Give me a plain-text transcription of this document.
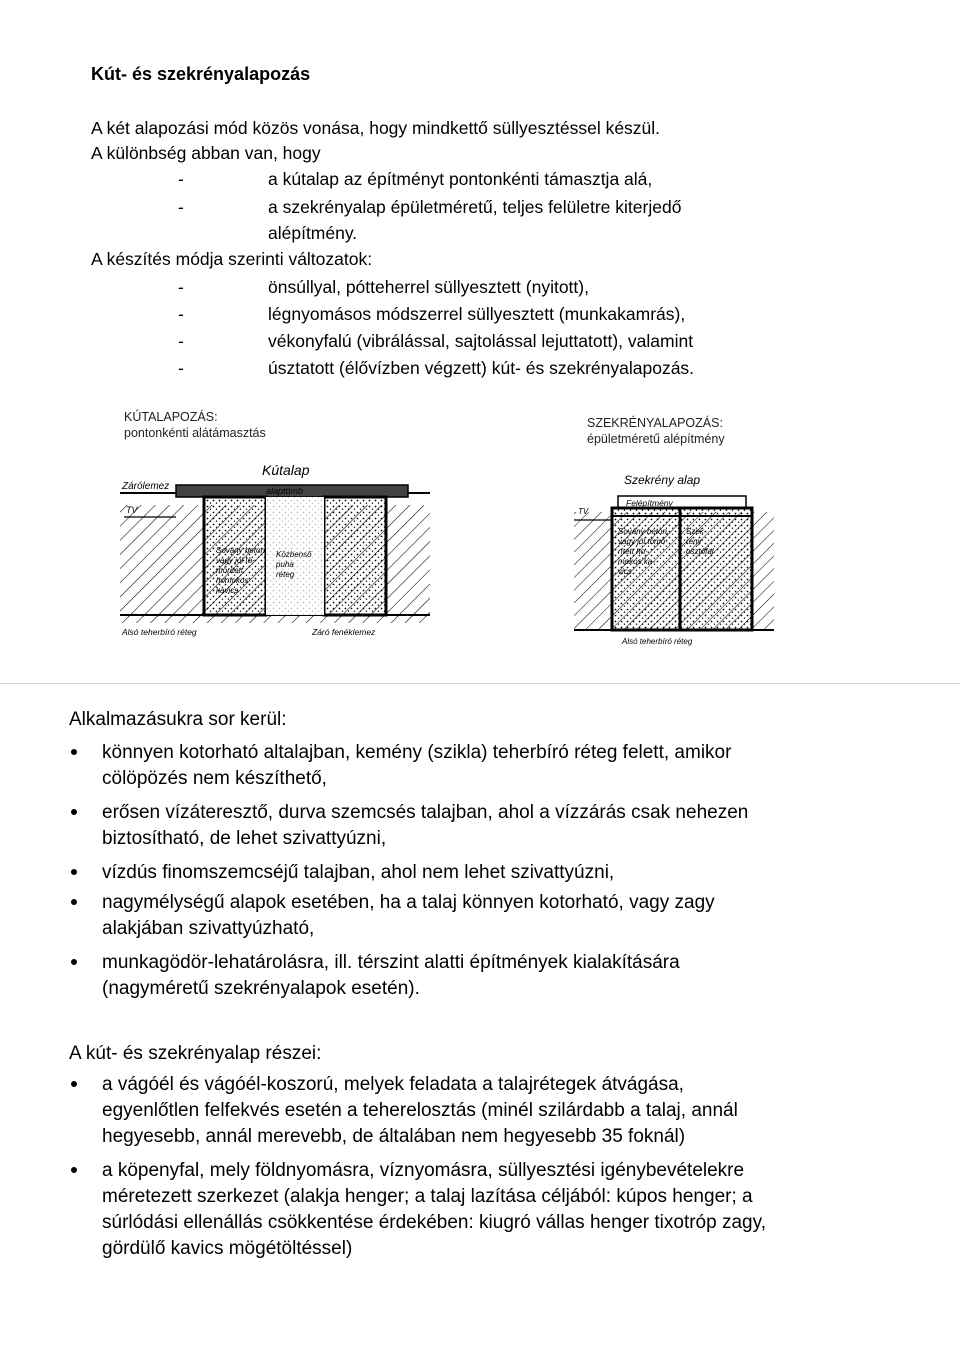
Kút- és szekrényalapozás
A két alapozási mód közös vonása, hogy mindkettő süllyesztéssel készül.
A különbség abban van, hogy
-	a kútalap az építményt pontonkénti támasztja alá,
-	a szekrényalap épületméretű, teljes felületre kiterjedő
alépítmény.
A készítés módja szerinti változatok:
-	önsúllyal, pótteherrel süllyesztett (nyitott),
-	légnyomásos módszerrel süllyesztett (munkakamrás),
-	vékonyfalú (vibrálással, sajtolással lejuttatott), valamint
-	úsztatott (élővízben végzett) kút- és szekrényalapozás.
KÚTALAPOZÁS:
pontonkénti alátámasztás
Zárólemez
Kútalap
alaptömb
TV
Sovány beton,
vagy jól tö-
mörített
homokos
kavics
Közbenső
puha
réteg
Alsó teherbíró réteg	Záró fenéklemez
SZEKRÉNYALAPOZÁS:
épületméretű alépítmény
Szekrény alap
Felépítmény
TV
Sovány beton,
vagy jól tömö-
rített ho-
mokos ka-
vics
Szek-
rény
osztófal
Alsó teherbíró réteg
Alkalmazásukra sor kerül:
könnyen kotorható altalajban, kemény (szikla) teherbíró réteg felett, amikor
cölöpözés nem készíthető,
erősen vízáteresztő, durva szemcsés talajban, ahol a vízzárás csak nehezen
biztosítható, de lehet szivattyúzni,
vízdús finomszemcséjű talajban, ahol nem lehet szivattyúzni,
nagymélységű alapok esetében, ha a talaj könnyen kotorható, vagy zagy
alakjában szivattyúzható,
munkagödör-lehatárolásra, ill. térszint alatti építmények kialakítására
(nagyméretű szekrényalapok esetén).
A kút- és szekrényalap részei:
a vágóél és vágóél-koszorú, melyek feladata a talajrétegek átvágása,
egyenlőtlen felfekvés esetén a teherelosztás (minél szilárdabb a talaj, annál
hegyesebb, annál merevebb, de általában nem hegyesebb 35 foknál)
a köpenyfal, mely földnyomásra, víznyomásra, süllyesztési igénybevételekre
méretezett szerkezet (alakja henger; a talaj lazítása céljából: kúpos henger; a
súrlódási ellenállás csökkentése érdekében: kiugró vállas henger tixotróp zagy,
gördülő kavics mögétöltéssel)
